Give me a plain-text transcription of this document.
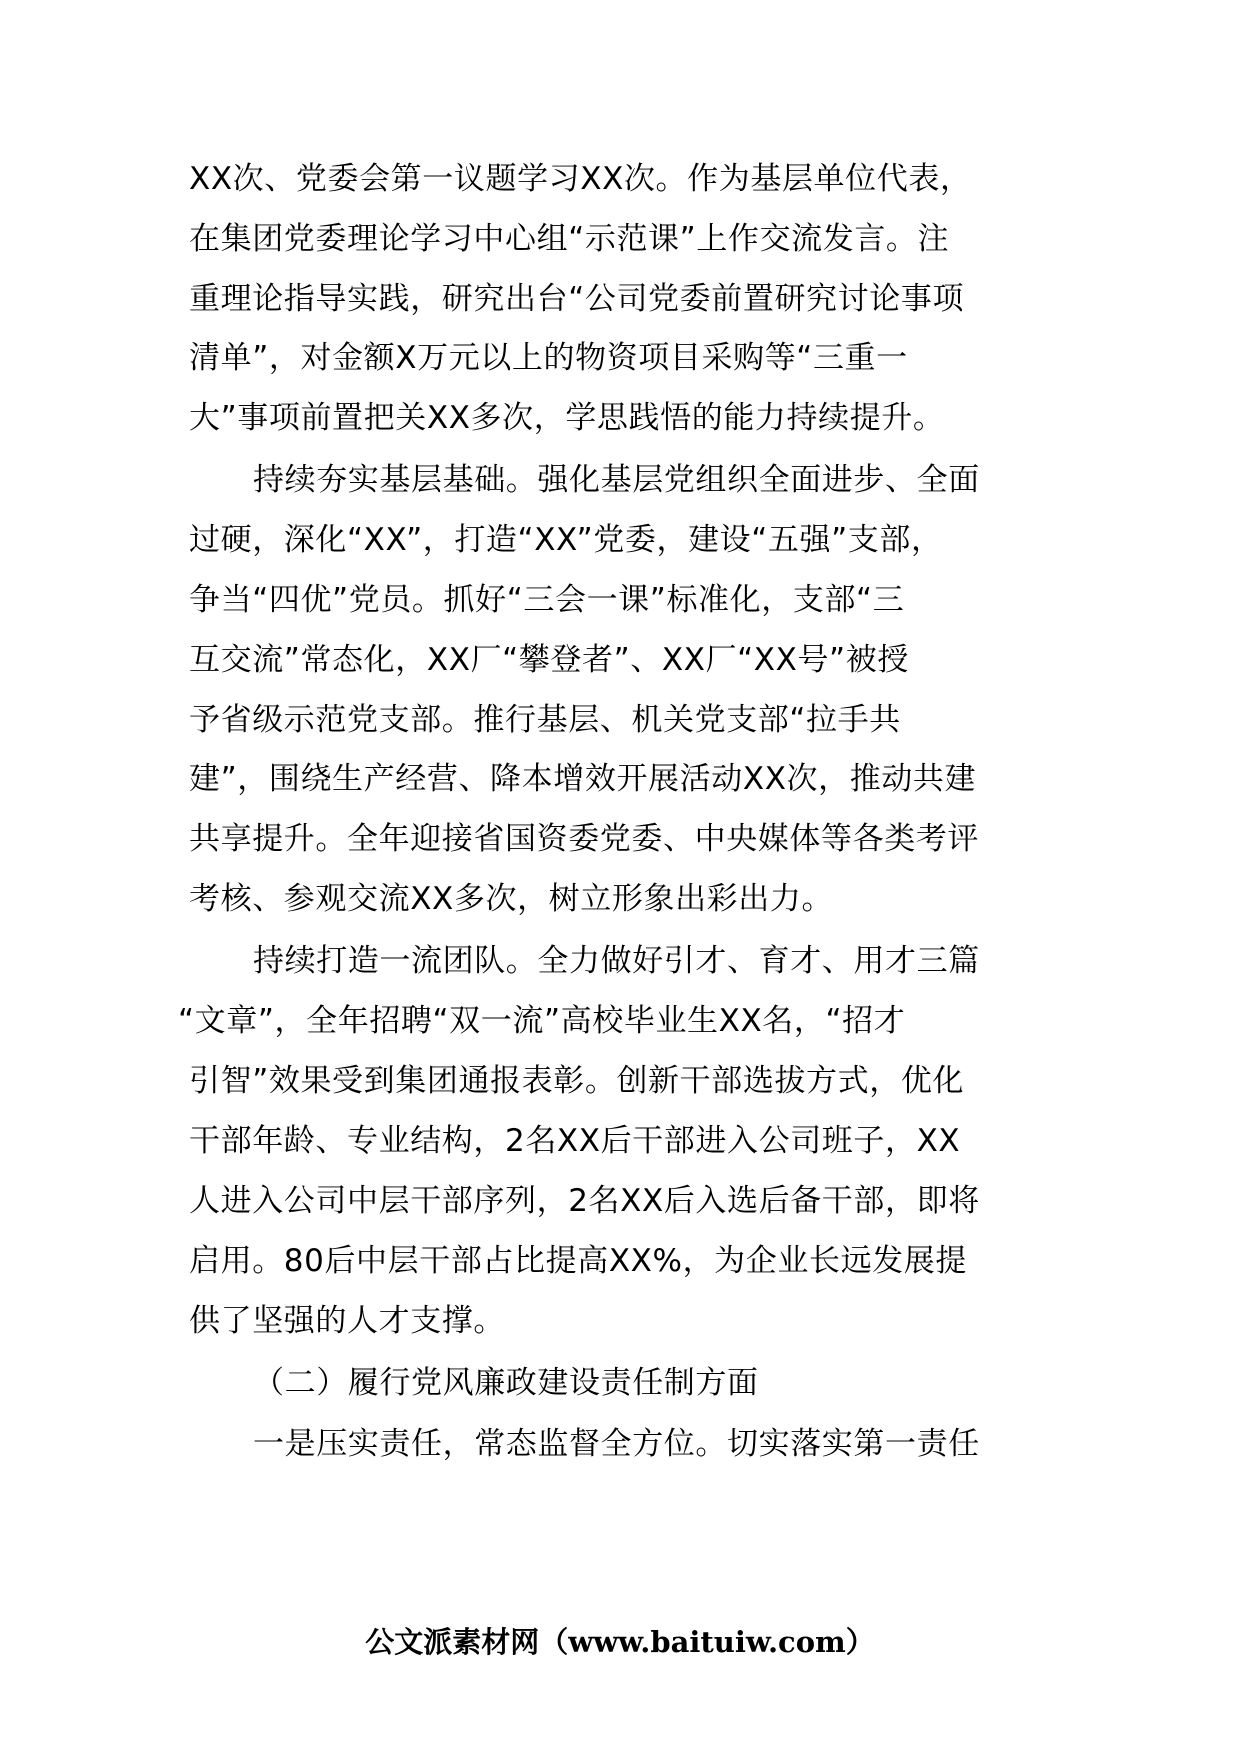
XX次、党委会第一议题学习XX次。作为基层单位代表，
在集团党委理论学习中心组“示范课”上作交流发言。注
重理论指导实践，研究出台“公司党委前置研究讨论事项
清单”，对金额X万元以上的物资项目采购等“三重一
大”事项前置把关XX多次，学思践悟的能力持续提升。
持续夯实基层基础。强化基层党组织全面进步、全面
过硬，深化“XX”，打造“XX”党委，建设“五强”支部，
争当“四优”党员。抓好“三会一课”标准化，支部“三
互交流”常态化，XX厂“攀登者”、XX厂“XX号”被授
予省级示范党支部。推行基层、机关党支部“拉手共
建”，围绕生产经营、降本增效开展活动XX次，推动共建
共享提升。全年迎接省国资委党委、中央媒体等各类考评
考核、参观交流XX多次，树立形象出彩出力。
持续打造一流团队。全力做好引才、育才、用才三篇
“文章”，全年招聘“双一流”高校毕业生XX名，“招才
引智”效果受到集团通报表彰。创新干部选拔方式，优化
干部年龄、专业结构，2名XX后干部进入公司班子，XX
人进入公司中层干部序列，2名XX后入选后备干部，即将
启用。80后中层干部占比提高XX%，为企业长远发展提
供了坚强的人才支撑。
（二）履行党风廉政建设责任制方面
一是压实责任，常态监督全方位。切实落实第一责任
公文派素材网（www.baituiw.com）
